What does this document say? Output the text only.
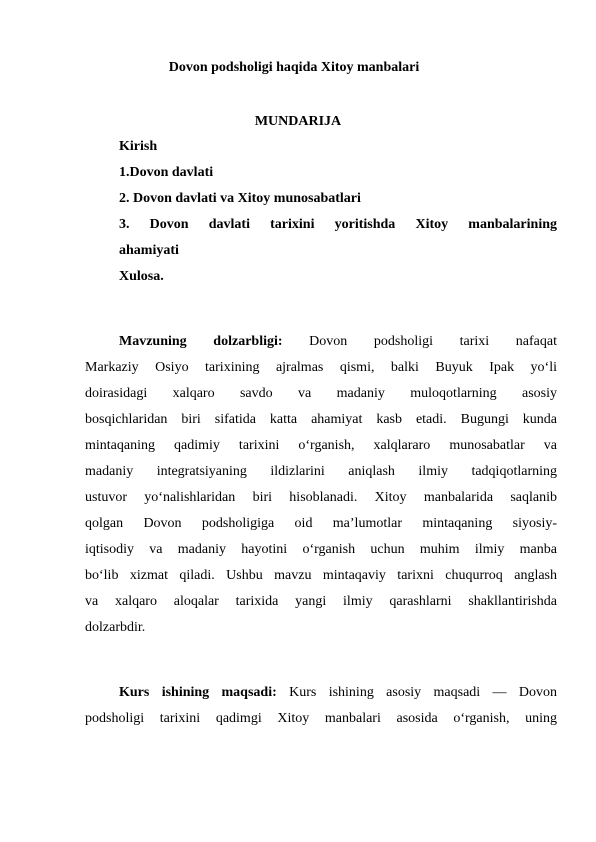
Dovon podsholigi haqida Xitoy manbalari
MUNDARIJA
Kirish
1.Dovon davlati
2. Dovon davlati va Xitoy munosabatlari
3. Dovon davlati tarixini yoritishda Xitoy manbalarining
ahamiyati
Xulosa.
Mavzuning dolzarbligi: Dovon podsholigi tarixi nafaqat
Markaziy Osiyo tarixining ajralmas qismi, balki Buyuk Ipak yo‘li
doirasidagi xalqaro savdo va madaniy muloqotlarning asosiy
bosqichlaridan biri sifatida katta ahamiyat kasb etadi. Bugungi kunda
mintaqaning qadimiy tarixini o‘rganish, xalqlararo munosabatlar va
madaniy integratsiyaning ildizlarini aniqlash ilmiy tadqiqotlarning
ustuvor yo‘nalishlaridan biri hisoblanadi. Xitoy manbalarida saqlanib
qolgan Dovon podsholigiga oid ma’lumotlar mintaqaning siyosiy-
iqtisodiy va madaniy hayotini o‘rganish uchun muhim ilmiy manba
bo‘lib xizmat qiladi. Ushbu mavzu mintaqaviy tarixni chuqurroq anglash
va xalqaro aloqalar tarixida yangi ilmiy qarashlarni shakllantirishda
dolzarbdir.
Kurs ishining maqsadi: Kurs ishining asosiy maqsadi — Dovon
podsholigi tarixini qadimgi Xitoy manbalari asosida o‘rganish, uning
